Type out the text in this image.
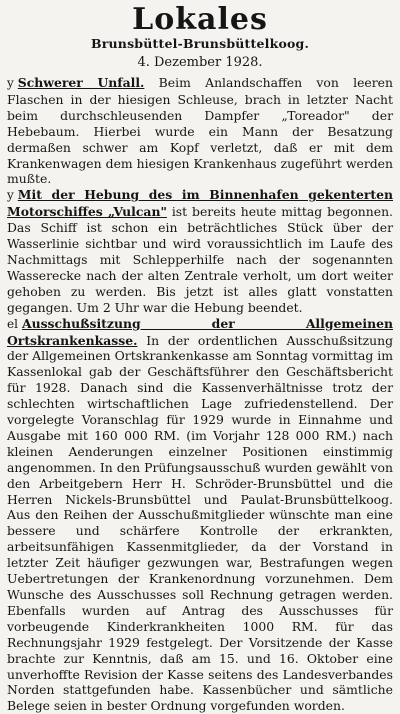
Lokales
Brunsbüttel-Brunsbüttelkoog.
4. Dezember 1928.

y Schwerer Unfall. Beim Anlandschaffen von leeren Flaschen in der hiesigen Schleuse, brach in letzter Nacht beim durchschleusenden Dampfer „Toreador" der Hebebaum. Hierbei wurde ein Mann der Besatzung dermaßen schwer am Kopf verletzt, daß er mit dem Krankenwagen dem hiesigen Krankenhaus zugeführt werden mußte.

y Mit der Hebung des im Binnenhafen gekenterten Motorschiffes „Vulcan" ist bereits heute mittag begonnen. Das Schiff ist schon ein beträchtliches Stück über der Wasserlinie sichtbar und wird voraussichtlich im Laufe des Nachmittags mit Schlepperhilfe nach der sogenannten Wasserecke nach der alten Zentrale verholt, um dort weiter gehoben zu werden. Bis jetzt ist alles glatt vonstatten gegangen. Um 2 Uhr war die Hebung beendet.

el Ausschußsitzung der Allgemeinen Ortskrankenkasse. In der ordentlichen Ausschußsitzung der Allgemeinen Ortskrankenkasse am Sonntag vormittag im Kassenlokal gab der Geschäftsführer den Geschäftsbericht für 1928. Danach sind die Kassenverhältnisse trotz der schlechten wirtschaftlichen Lage zufriedenstellend. Der vorgelegte Voranschlag für 1929 wurde in Einnahme und Ausgabe mit 160 000 RM. (im Vorjahr 128 000 RM.) nach kleinen Aenderungen einzelner Positionen einstimmig angenommen. In den Prüfungsausschuß wurden gewählt von den Arbeitgebern Herr H. Schröder-Brunsbüttel und die Herren Nickels-Brunsbüttel und Paulat-Brunsbüttelkoog. Aus den Reihen der Ausschußmitglieder wünschte man eine bessere und schärfere Kontrolle der erkrankten, arbeitsunfähigen Kassenmitglieder, da der Vorstand in letzter Zeit häufiger gezwungen war, Bestrafungen wegen Uebertretungen der Krankenordnung vorzunehmen. Dem Wunsche des Ausschusses soll Rechnung getragen werden. Ebenfalls wurden auf Antrag des Ausschusses für vorbeugende Kinderkrankheiten 1000 RM. für das Rechnungsjahr 1929 festgelegt. Der Vorsitzende der Kasse brachte zur Kenntnis, daß am 15. und 16. Oktober eine unverhoffte Revision der Kasse seitens des Landesverbandes Norden stattgefunden habe. Kassenbücher und sämtliche Belege seien in bester Ordnung vorgefunden worden.
